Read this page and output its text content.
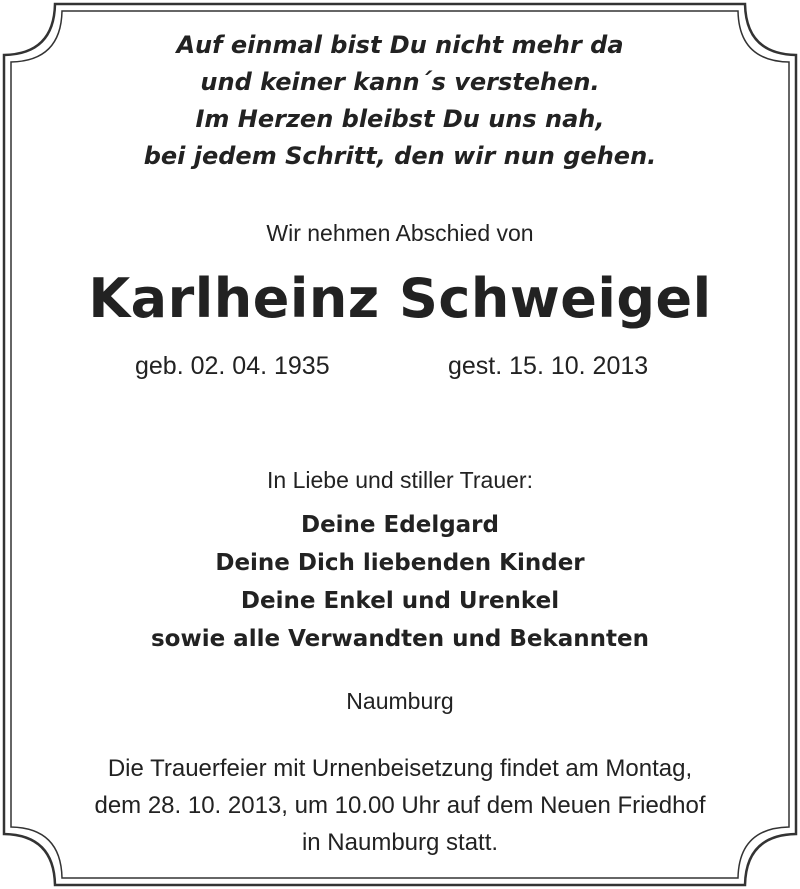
Auf einmal bist Du nicht mehr da
und keiner kann´s verstehen.
Im Herzen bleibst Du uns nah,
bei jedem Schritt, den wir nun gehen.
Wir nehmen Abschied von
Karlheinz Schweigel
geb. 02. 04. 1935	gest. 15. 10. 2013
In Liebe und stiller Trauer:
Deine Edelgard
Deine Dich liebenden Kinder
Deine Enkel und Urenkel
sowie alle Verwandten und Bekannten
Naumburg
Die Trauerfeier mit Urnenbeisetzung findet am Montag,
dem 28. 10. 2013, um 10.00 Uhr auf dem Neuen Friedhof
in Naumburg statt.
